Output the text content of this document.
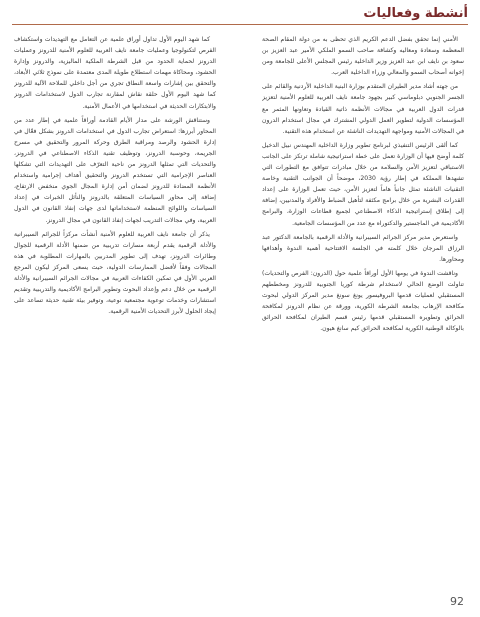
أنشطة وفعاليات

الأمني إنما تحقق بفضل الدعم الكريم الذي تحظى به من دولة المقام الصحة المعظمة وسعادة ومعاليه وكشافة صاحب السمو الملكي الأمير عبد العزيز بن سعود بن نايف ابن عبد العزيز وزير الداخلية رئيس المجلس الأعلى للجامعة ومن إخوانه أصحاب السمو والمعالي وزراء الداخلية العرب.

من جهته أشاد مدير الطيران المتقدم بوزارة البنية الداخلية الأردنية والقائم على الجسر الجنوبي دبلوماسي كبير بجهود جامعة نايف العربية للعلوم الأمنية لتعزيز قدرات الدول العربية في مجالات الأنظمة ذاتية القيادة وتعاونها المثمر مع المؤسسات الدولية لتطوير العمل الدولي المشترك في مجال استخدام الدرون في المجالات الأمنية ومواجهة التهديدات الناشئة عن استخدام هذه التقنية.

كما ألقى الرئيس التنفيذي لبرنامج تطوير وزارة الداخلية المهندس نبيل الدخيل كلمة أوضح فيها أن الوزارة تعمل على خطة استراتيجية شاملة ترتكز على الجانب الاستباقي لتعزيز الأمن والسلامة من خلال مبادرات تتوافق مع التطورات التي تشهدها المملكة في إطار رؤية 2030، موضحاً أن الجوانب التقنية وخاصة التقنيات الناشئة تمثل جانباً هاماً لتعزيز الأمن، حيث تعمل الوزارة على إعداد القدرات البشرية من خلال برامج مكثفة لتأهيل الضباط والأفراد والمدنيين، إضافة إلى إطلاق إستراتيجية الذكاء الاصطناعي لجميع قطاعات الوزارة، والبرامج الأكاديمية في الماجستير والدكتوراه مع عدد من المؤسسات الجامعية.

واستعرض مدير مركز الجرائم السيبرانية والأدلة الرقمية بالجامعة الدكتور عبد الرزاق المرجان خلال كلمته في الجلسة الافتتاحية أهمية الندوة وأهدافها ومحاورها.

وناقشت الندوة في يومها الأول أوراقاً علمية حول (الدرون: الفرص والتحديات) تناولت الوضع الحالي لاستخدام شرطة كوريا الجنوبية للدرونز ومخططهم المستقبلي لعمليات قدمها البروفيسور يونغ سونغ مدير المركز الدولي لبحوث مكافحة الإرهاب بجامعة الشرطة الكورية، وورقة عن نظام الدرونز لمكافحة الحرائق وتطويره المستقبلي قدمها رئيس قسم الطيران لمكافحة الحرائق بالوكالة الوطنية الكورية لمكافحة الحرائق كيم سانغ هيون.

كما شهد اليوم الأول تداول أوراق علمية عن التعامل مع التهديدات واستكشاف الفرص لتكنولوجيا وعمليات جامعة نايف العربية للعلوم الأمنية للدرونز وعمليات الدرونز لحماية الحدود من قبل الشرطة الملكية الماليزية، والدرونز وإدارة الحشود، ومحاكاة مهمات استطلاع طويلة المدى معتمدة على نموذج ثلاثي الأبعاد، والتحقق بين إشارات واسعة النطاق تجري من أجل داخلي للملاحة الآلية للدرونز كما شهد اليوم الأول حلقة نقاش لمقارنة تجارب الدول لاستخدامات الدرونز والابتكارات الحديثة في استخدامها في الأعمال الأمنية.

وستناقش الورشة على مدار الأيام القادمة أوراقاً علمية في إطار عدد من المحاور أبرزها: استعراض تجارب الدول في استخدامات الدرونز بشكل فعّال في إدارة الحشود والرصد ومراقبة الطرق وحركة المرور والتحقيق في مسرح الجريمة، وحوسبة الدرونز، وتوظيف تقنية الذكاء الاصطناعي في الدرونز، والتحديات التي تمثلها الدرونز من ناحية التعرّف على التهديدات التي تشكلها العناصر الإجرامية التي تستخدم الدرونز والتحقيق أهداف إجرامية واستخدام الأنظمة المضادة للدرونز لضمان أمن إدارة المجال الجوي منخفض الارتفاع، إضافة إلى محاور السياسات المتعلقة بالدرونز والنأثل الخبرات في إعداد السياسات واللوائح المنظمة لاستخداماتها لدى جهات إنفاذ القانون في الدول العربية، وفي مجالات التدريب لجهات إنفاذ القانون في مجال الدرونز.

يذكر أن جامعة نايف العربية للعلوم الأمنية أنشأت مركزاً للجرائم السيبرانية والأدلة الرقمية يقدم أربعة مسارات تدريبية من ضمنها الأدلة الرقمية للجوال وطائرات الدرونز، تهدف إلى تطوير المدربين بالمهارات المطلوبة في هذه المجالات وفقاً لأفضل الممارسات الدولية، حيث يسعى المركز ليكون المرجع العربي الأول في تمكين الكفاءات العربية في مجالات الجرائم السيبرانية والأدلة الرقمية من خلال دعم وإعداد البحوث وتطوير البرامج الأكاديمية والتدريبية وتقديم استشارات وخدمات توعوية مجتمعية نوعية، وتوفير بيئة تقنية حديثة تساعد على إيجاد الحلول لأبرز التحديات الأمنية الرقمية.

92
